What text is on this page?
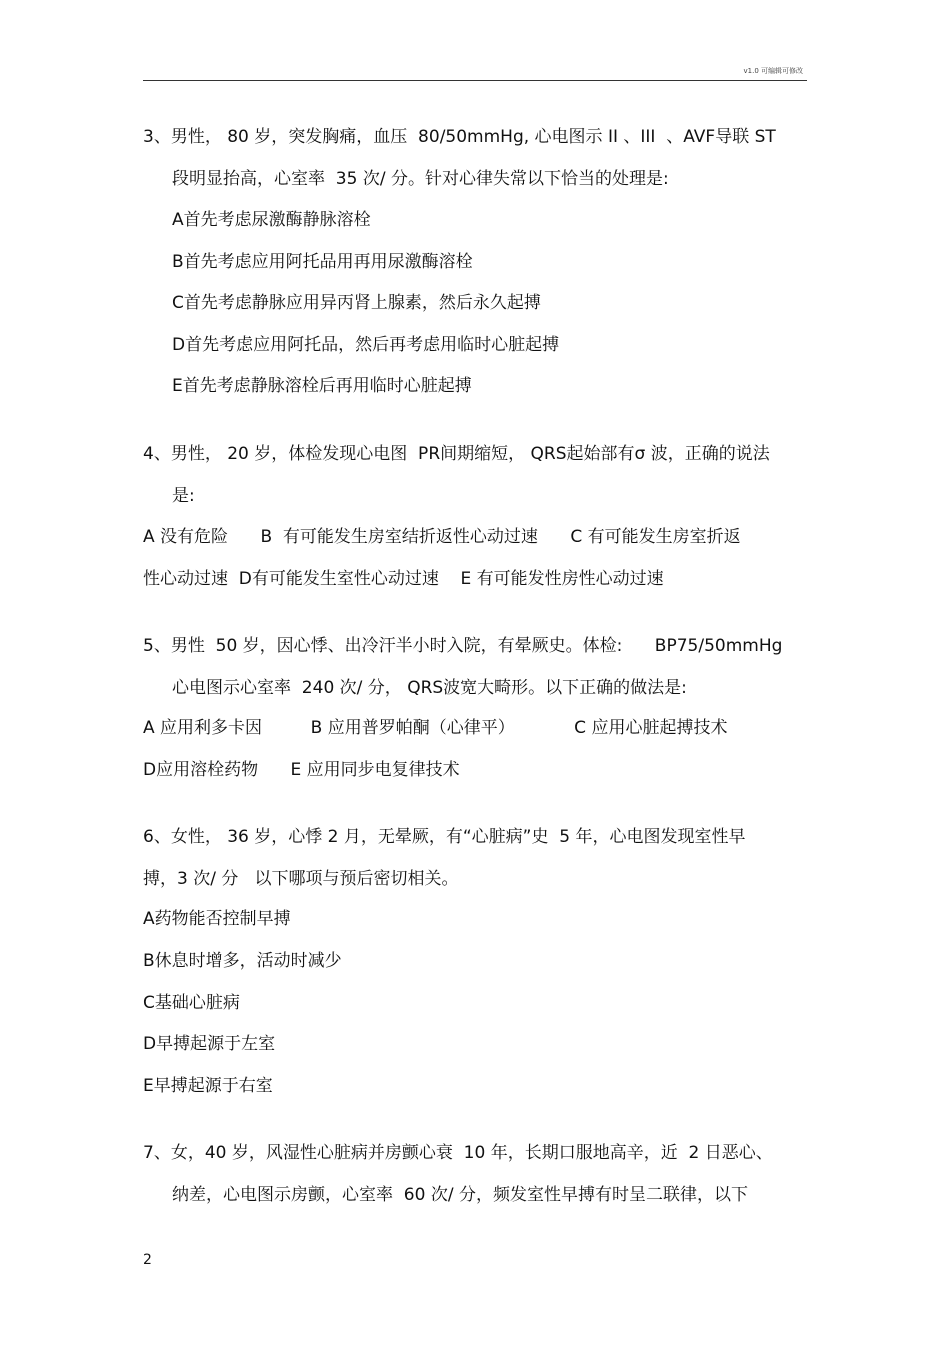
v1.0 可编辑可修改
3、男性， 80 岁，突发胸痛，血压  80/50mmHg, 心电图示 II 、III  、AVF导联 ST
段明显抬高，心室率  35 次/ 分。针对心律失常以下恰当的处理是:
A首先考虑尿激酶静脉溶栓
B首先考虑应用阿托品用再用尿激酶溶栓
C首先考虑静脉应用异丙肾上腺素，然后永久起搏
D首先考虑应用阿托品，然后再考虑用临时心脏起搏
E首先考虑静脉溶栓后再用临时心脏起搏
4、男性， 20 岁，体检发现心电图  PR间期缩短， QRS起始部有σ 波，正确的说法
是:
A 没有危险      B  有可能发生房室结折返性心动过速      C 有可能发生房室折返
性心动过速  D有可能发生室性心动过速    E 有可能发性房性心动过速
5、男性  50 岁，因心悸、出冷汗半小时入院，有晕厥史。体检:      BP75/50mmHg
心电图示心室率  240 次/ 分， QRS波宽大畸形。以下正确的做法是:
A 应用利多卡因         B 应用普罗帕酮（心律平）           C 应用心脏起搏技术
D应用溶栓药物      E 应用同步电复律技术
6、女性， 36 岁，心悸 2 月，无晕厥，有“心脏病”史  5 年，心电图发现室性早
搏，3 次/ 分   以下哪项与预后密切相关。
A药物能否控制早搏
B休息时增多，活动时减少
C基础心脏病
D早搏起源于左室
E早搏起源于右室
7、女，40 岁，风湿性心脏病并房颤心衰  10 年，长期口服地高辛，近  2 日恶心、
纳差，心电图示房颤，心室率  60 次/ 分，频发室性早搏有时呈二联律，以下
2
